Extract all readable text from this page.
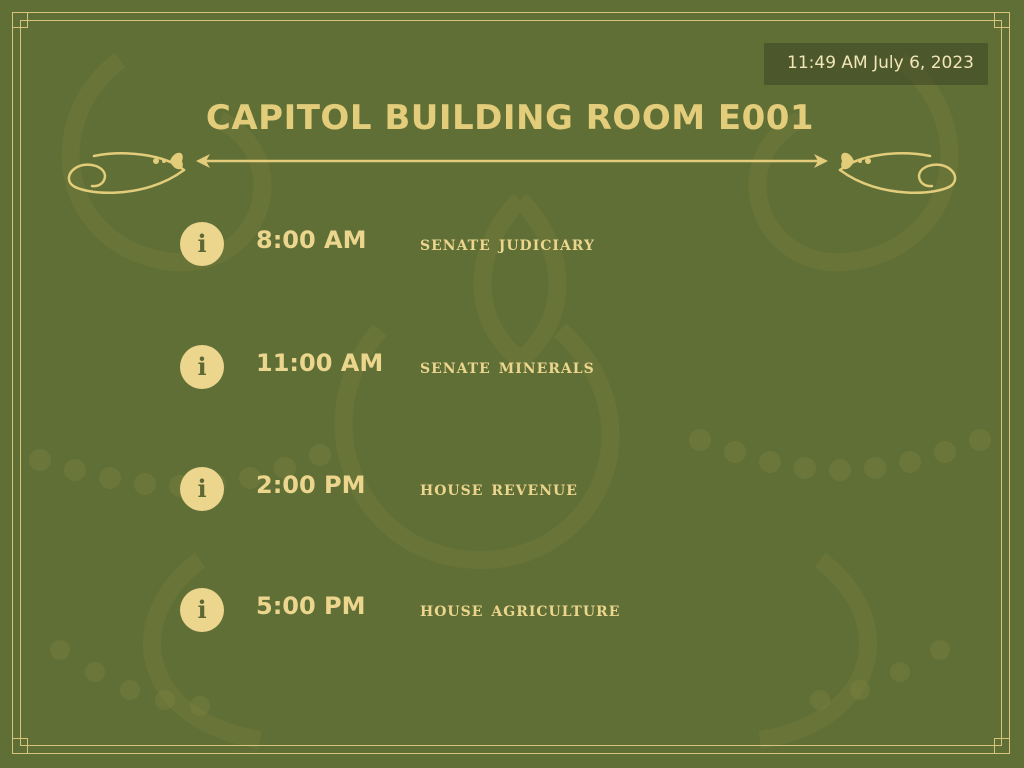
11:49 AM July 6, 2023
CAPITOL BUILDING ROOM E001
i	8:00 AM	senate judiciary
i	11:00 AM senate minerals
i	2:00 PM	house revenue
i	5:00 PM	house agriculture
